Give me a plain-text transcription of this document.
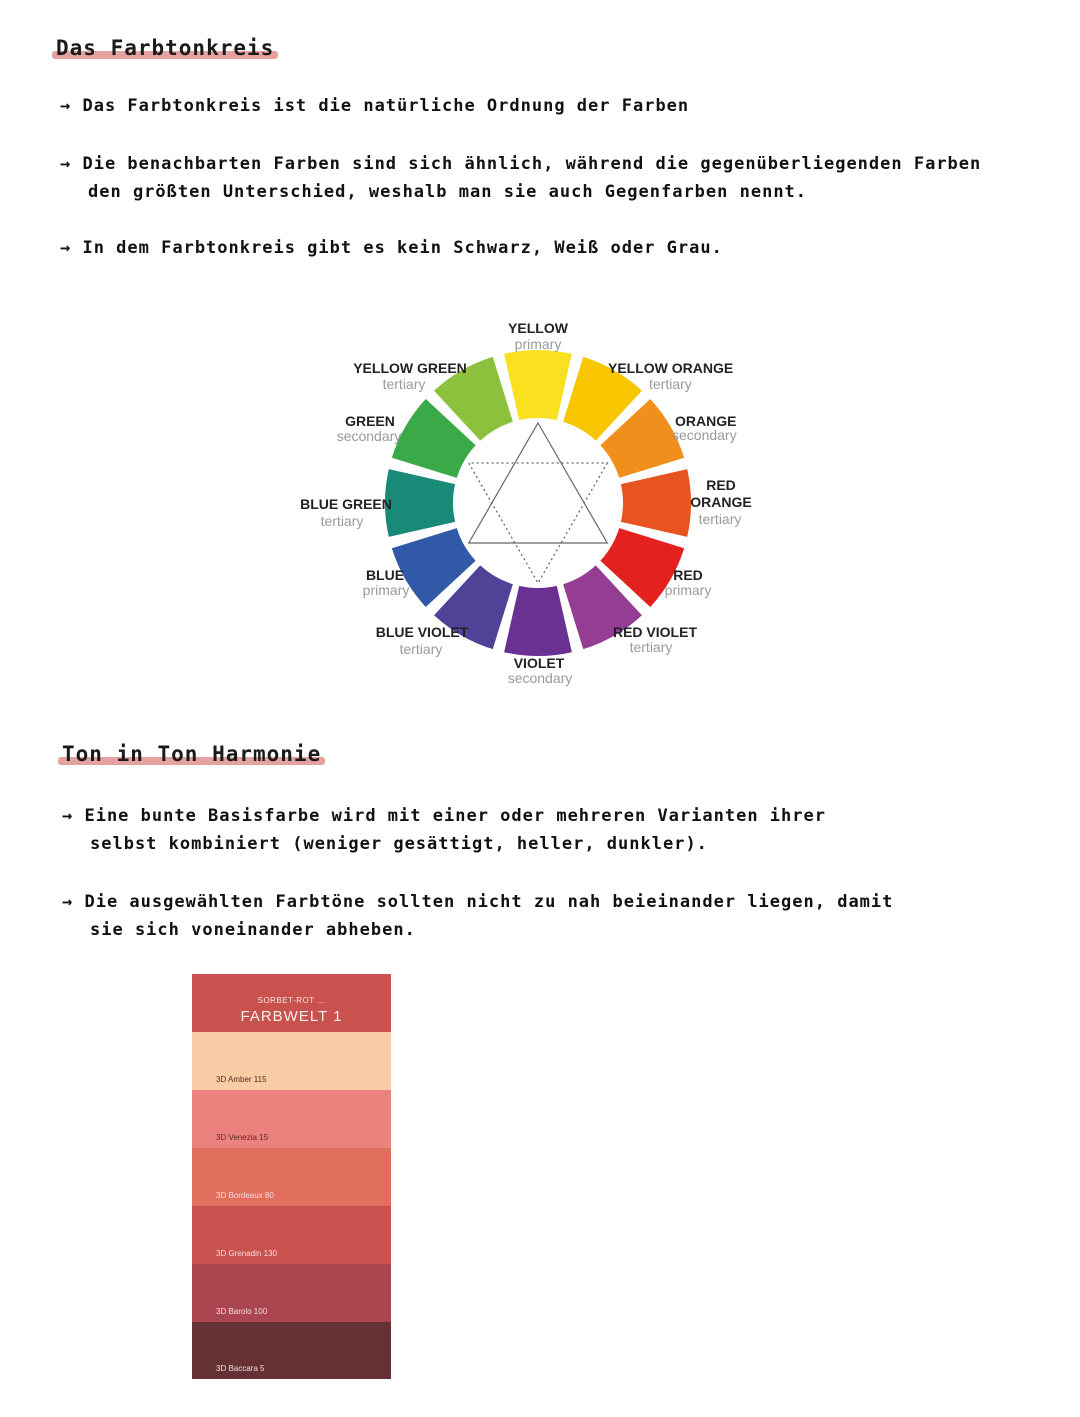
Das Farbtonkreis
→ Das Farbtonkreis ist die natürliche Ordnung der Farben
→ Die benachbarten Farben sind sich ähnlich, während die gegenüberliegenden Farben
den größten Unterschied, weshalb man sie auch Gegenfarben nennt.
→ In dem Farbtonkreis gibt es kein Schwarz, Weiß oder Grau.
YELLOW
primary
YELLOW ORANGE
tertiary
ORANGE
secondary
RED
ORANGE
tertiary
RED
primary
RED VIOLET
tertiary
VIOLET
secondary
BLUE VIOLET
tertiary
BLUE
primary
BLUE GREEN
tertiary
GREEN
secondary
YELLOW GREEN
tertiary
Ton in Ton Harmonie
→ Eine bunte Basisfarbe wird mit einer oder mehreren Varianten ihrer
selbst kombiniert (weniger gesättigt, heller, dunkler).
→ Die ausgewählten Farbtöne sollten nicht zu nah beieinander liegen, damit
sie sich voneinander abheben.
SORBET-ROT ...
FARBWELT 1
3D Amber 115
3D Venezia 15
3D Bordeaux 80
3D Grenadin 130
3D Barolo 100
3D Baccara 5
